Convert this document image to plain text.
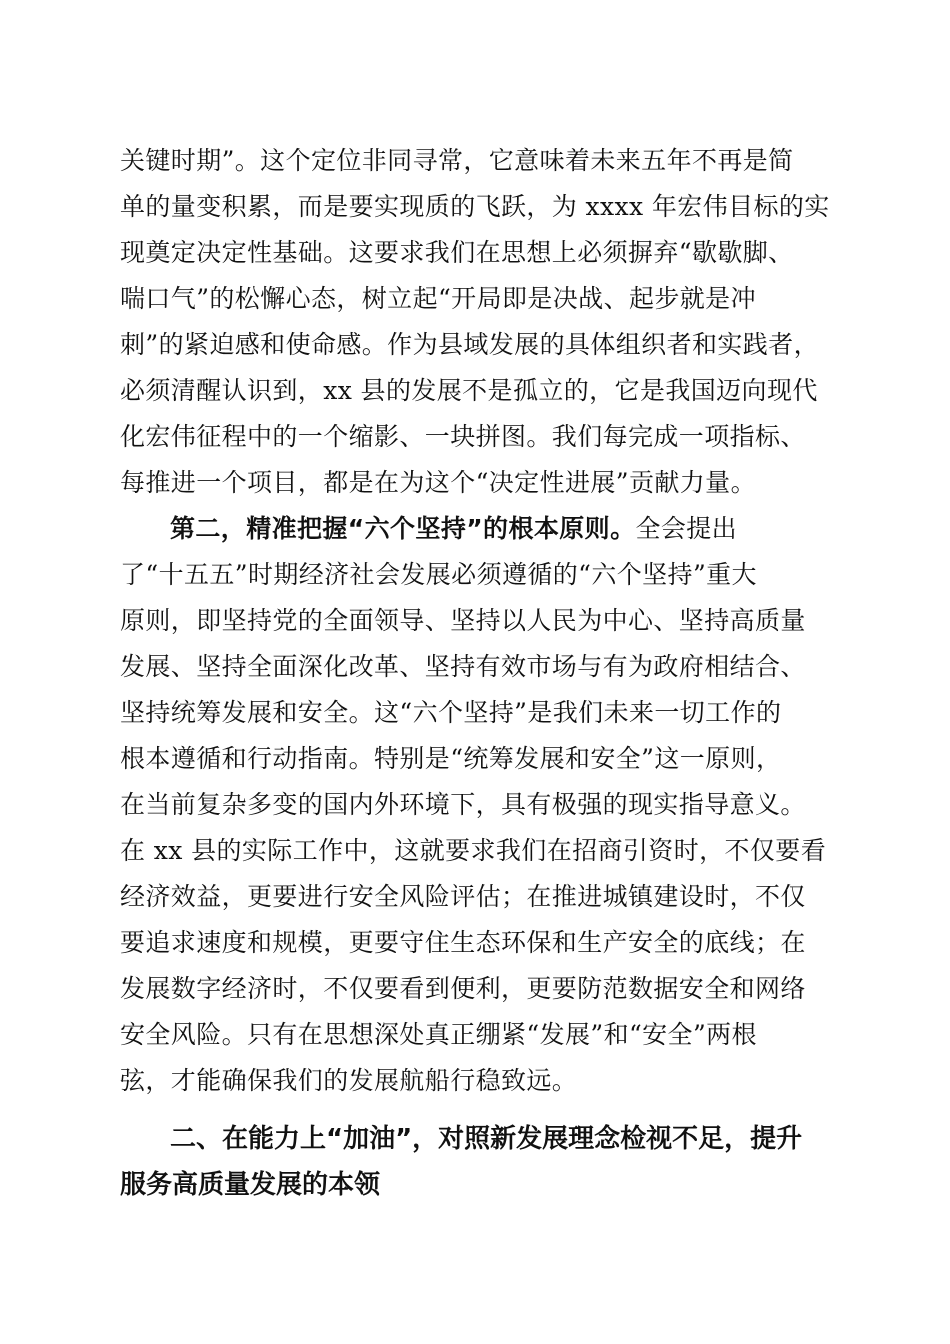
关键时期”。这个定位非同寻常，它意味着未来五年不再是简
单的量变积累，而是要实现质的飞跃，为 xxxx 年宏伟目标的实
现奠定决定性基础。这要求我们在思想上必须摒弃“歇歇脚、
喘口气”的松懈心态，树立起“开局即是决战、起步就是冲
刺”的紧迫感和使命感。作为县域发展的具体组织者和实践者，
必须清醒认识到，xx 县的发展不是孤立的，它是我国迈向现代
化宏伟征程中的一个缩影、一块拼图。我们每完成一项指标、
每推进一个项目，都是在为这个“决定性进展”贡献力量。
第二，精准把握“六个坚持”的根本原则。全会提出
了“十五五”时期经济社会发展必须遵循的“六个坚持”重大
原则，即坚持党的全面领导、坚持以人民为中心、坚持高质量
发展、坚持全面深化改革、坚持有效市场与有为政府相结合、
坚持统筹发展和安全。这“六个坚持”是我们未来一切工作的
根本遵循和行动指南。特别是“统筹发展和安全”这一原则，
在当前复杂多变的国内外环境下，具有极强的现实指导意义。
在 xx 县的实际工作中，这就要求我们在招商引资时，不仅要看
经济效益，更要进行安全风险评估；在推进城镇建设时，不仅
要追求速度和规模，更要守住生态环保和生产安全的底线；在
发展数字经济时，不仅要看到便利，更要防范数据安全和网络
安全风险。只有在思想深处真正绷紧“发展”和“安全”两根
弦，才能确保我们的发展航船行稳致远。
二、在能力上“加油”，对照新发展理念检视不足，提升
服务高质量发展的本领
